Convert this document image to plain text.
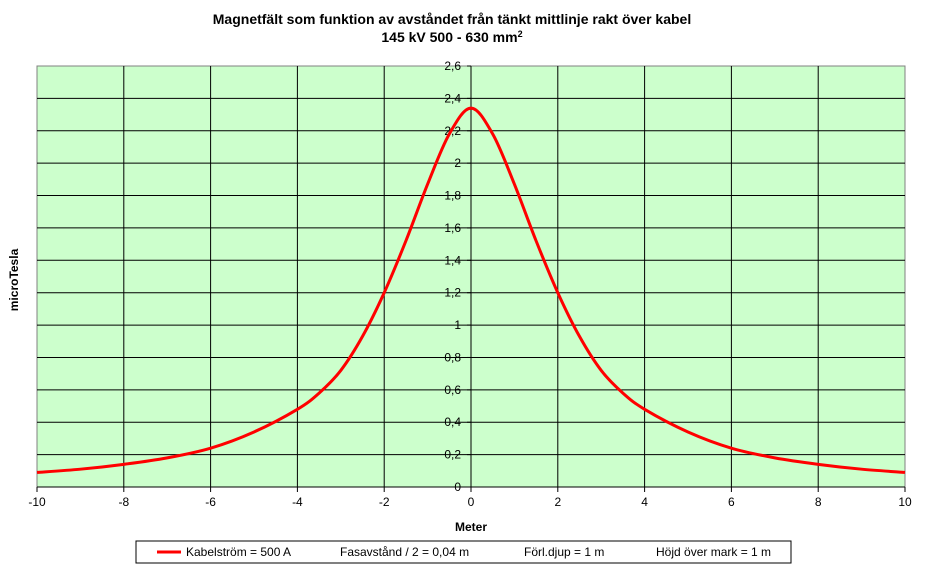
Magnetfält som funktion av avståndet från tänkt mittlinje rakt över kabel
145 kV 500 - 630 $mm^2$
0
0,2
0,4
0,6
0,8
1
1,2
1,4
1,6
1,8
2
2,2
2,4
2,6
-10	-8	-6	-4	-2	0	2	4	6	8	10
Meter
microTesla
Kabelström = 500 A	Fasavstånd / 2 = 0,04 m	Förl.djup = 1 m	Höjd över mark = 1 m
